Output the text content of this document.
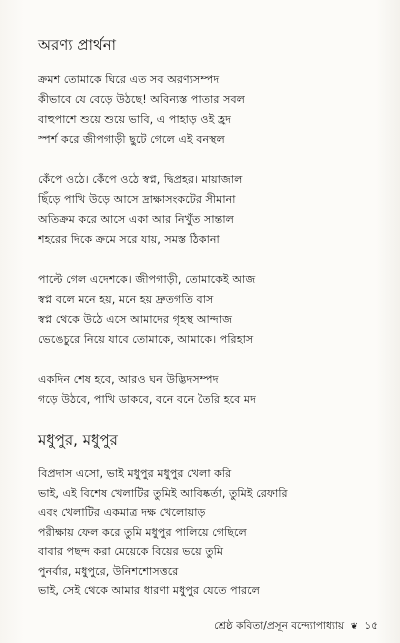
অরণ্য প্রার্থনা
ক্রমশ তোমাকে ঘিরে এত সব অরণ্যসম্পদ
কীভাবে যে বেড়ে উঠছে! অবিন্যস্ত পাতার সবল
বাহুপাশে শুয়ে শুয়ে ভাবি, এ পাহাড় ওই হ্রদ
স্পর্শ করে জীপগাড়ী ছুটে গেলে এই বনস্থল
কেঁপে ওঠে। কেঁপে ওঠে স্বপ্ন, দ্বিপ্রহর। মায়াজাল
ছিঁড়ে পাখি উড়ে আসে দ্রাক্ষাসংকটের সীমানা
অতিক্রম করে আসে একা আর নিখুঁত সান্তাল
শহরের দিকে ক্রমে সরে যায়, সমস্ত ঠিকানা
পাল্টে গেল এদেশকে। জীপগাড়ী, তোমাকেই আজ
স্বপ্ন বলে মনে হয়, মনে হয় দ্রুতগতি বাস
স্বপ্ন থেকে উঠে এসে আমাদের গৃহস্থ আন্দাজ
ভেঙেচুরে নিয়ে যাবে তোমাকে, আমাকে। পরিহাস
একদিন শেষ হবে, আরও ঘন উদ্ভিদসম্পদ
গড়ে উঠবে, পাখি ডাকবে, বনে বনে তৈরি হবে মদ
মধুপুর, মধুপুর
বিপ্রদাস এসো, ভাই মধুপুর মধুপুর খেলা করি
ভাই, এই বিশেষ খেলাটির তুমিই আবিষ্কর্তা, তুমিই রেফারি
এবং খেলাটির একমাত্র দক্ষ খেলোয়াড়
পরীক্ষায় ফেল করে তুমি মধুপুর পালিয়ে গেছিলে
বাবার পছন্দ করা মেয়েকে বিয়ের ভয়ে তুমি
পুনর্বার, মধুপুরে, উনিশশোসত্তরে
ভাই, সেই থেকে আমার ধারণা মধুপুর যেতে পারলে
শ্রেষ্ঠ কবিতা/প্রসূন বন্দ্যোপাধ্যায় ❦ ১৫
